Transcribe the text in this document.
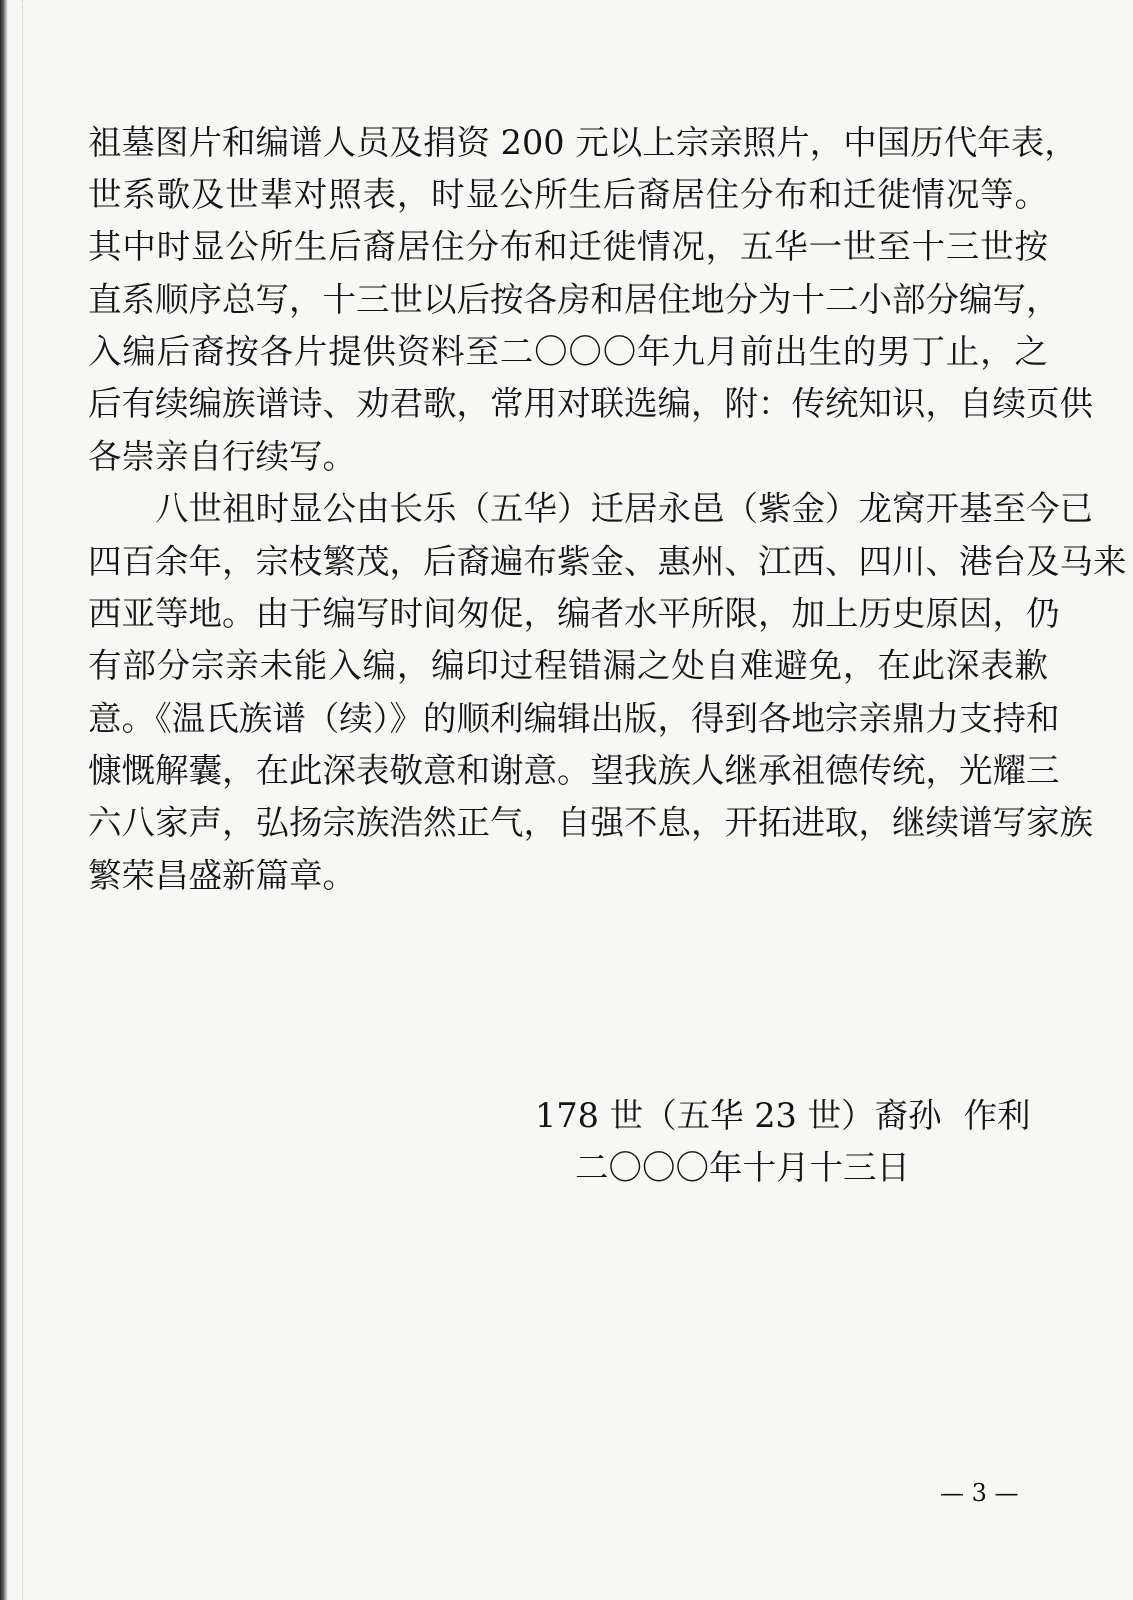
祖墓图片和编谱人员及捐资 200 元以上宗亲照片，中国历代年表，
世系歌及世辈对照表，时显公所生后裔居住分布和迁徙情况等。
其中时显公所生后裔居住分布和迁徙情况，五华一世至十三世按
直系顺序总写，十三世以后按各房和居住地分为十二小部分编写，
入编后裔按各片提供资料至二〇〇〇年九月前出生的男丁止，之
后有续编族谱诗、劝君歌，常用对联选编，附：传统知识，自续页供
各崇亲自行续写。
八世祖时显公由长乐（五华）迁居永邑（紫金）龙窝开基至今已
四百余年，宗枝繁茂，后裔遍布紫金、惠州、江西、四川、港台及马来
西亚等地。由于编写时间匆促，编者水平所限，加上历史原因，仍
有部分宗亲未能入编，编印过程错漏之处自难避免，在此深表歉
意。《温氏族谱（续）》的顺利编辑出版，得到各地宗亲鼎力支持和
慷慨解囊，在此深表敬意和谢意。望我族人继承祖德传统，光耀三
六八家声，弘扬宗族浩然正气，自强不息，开拓进取，继续谱写家族
繁荣昌盛新篇章。
178 世（五华 23 世）裔孙 作利
二〇〇〇年十月十三日
— 3 —
